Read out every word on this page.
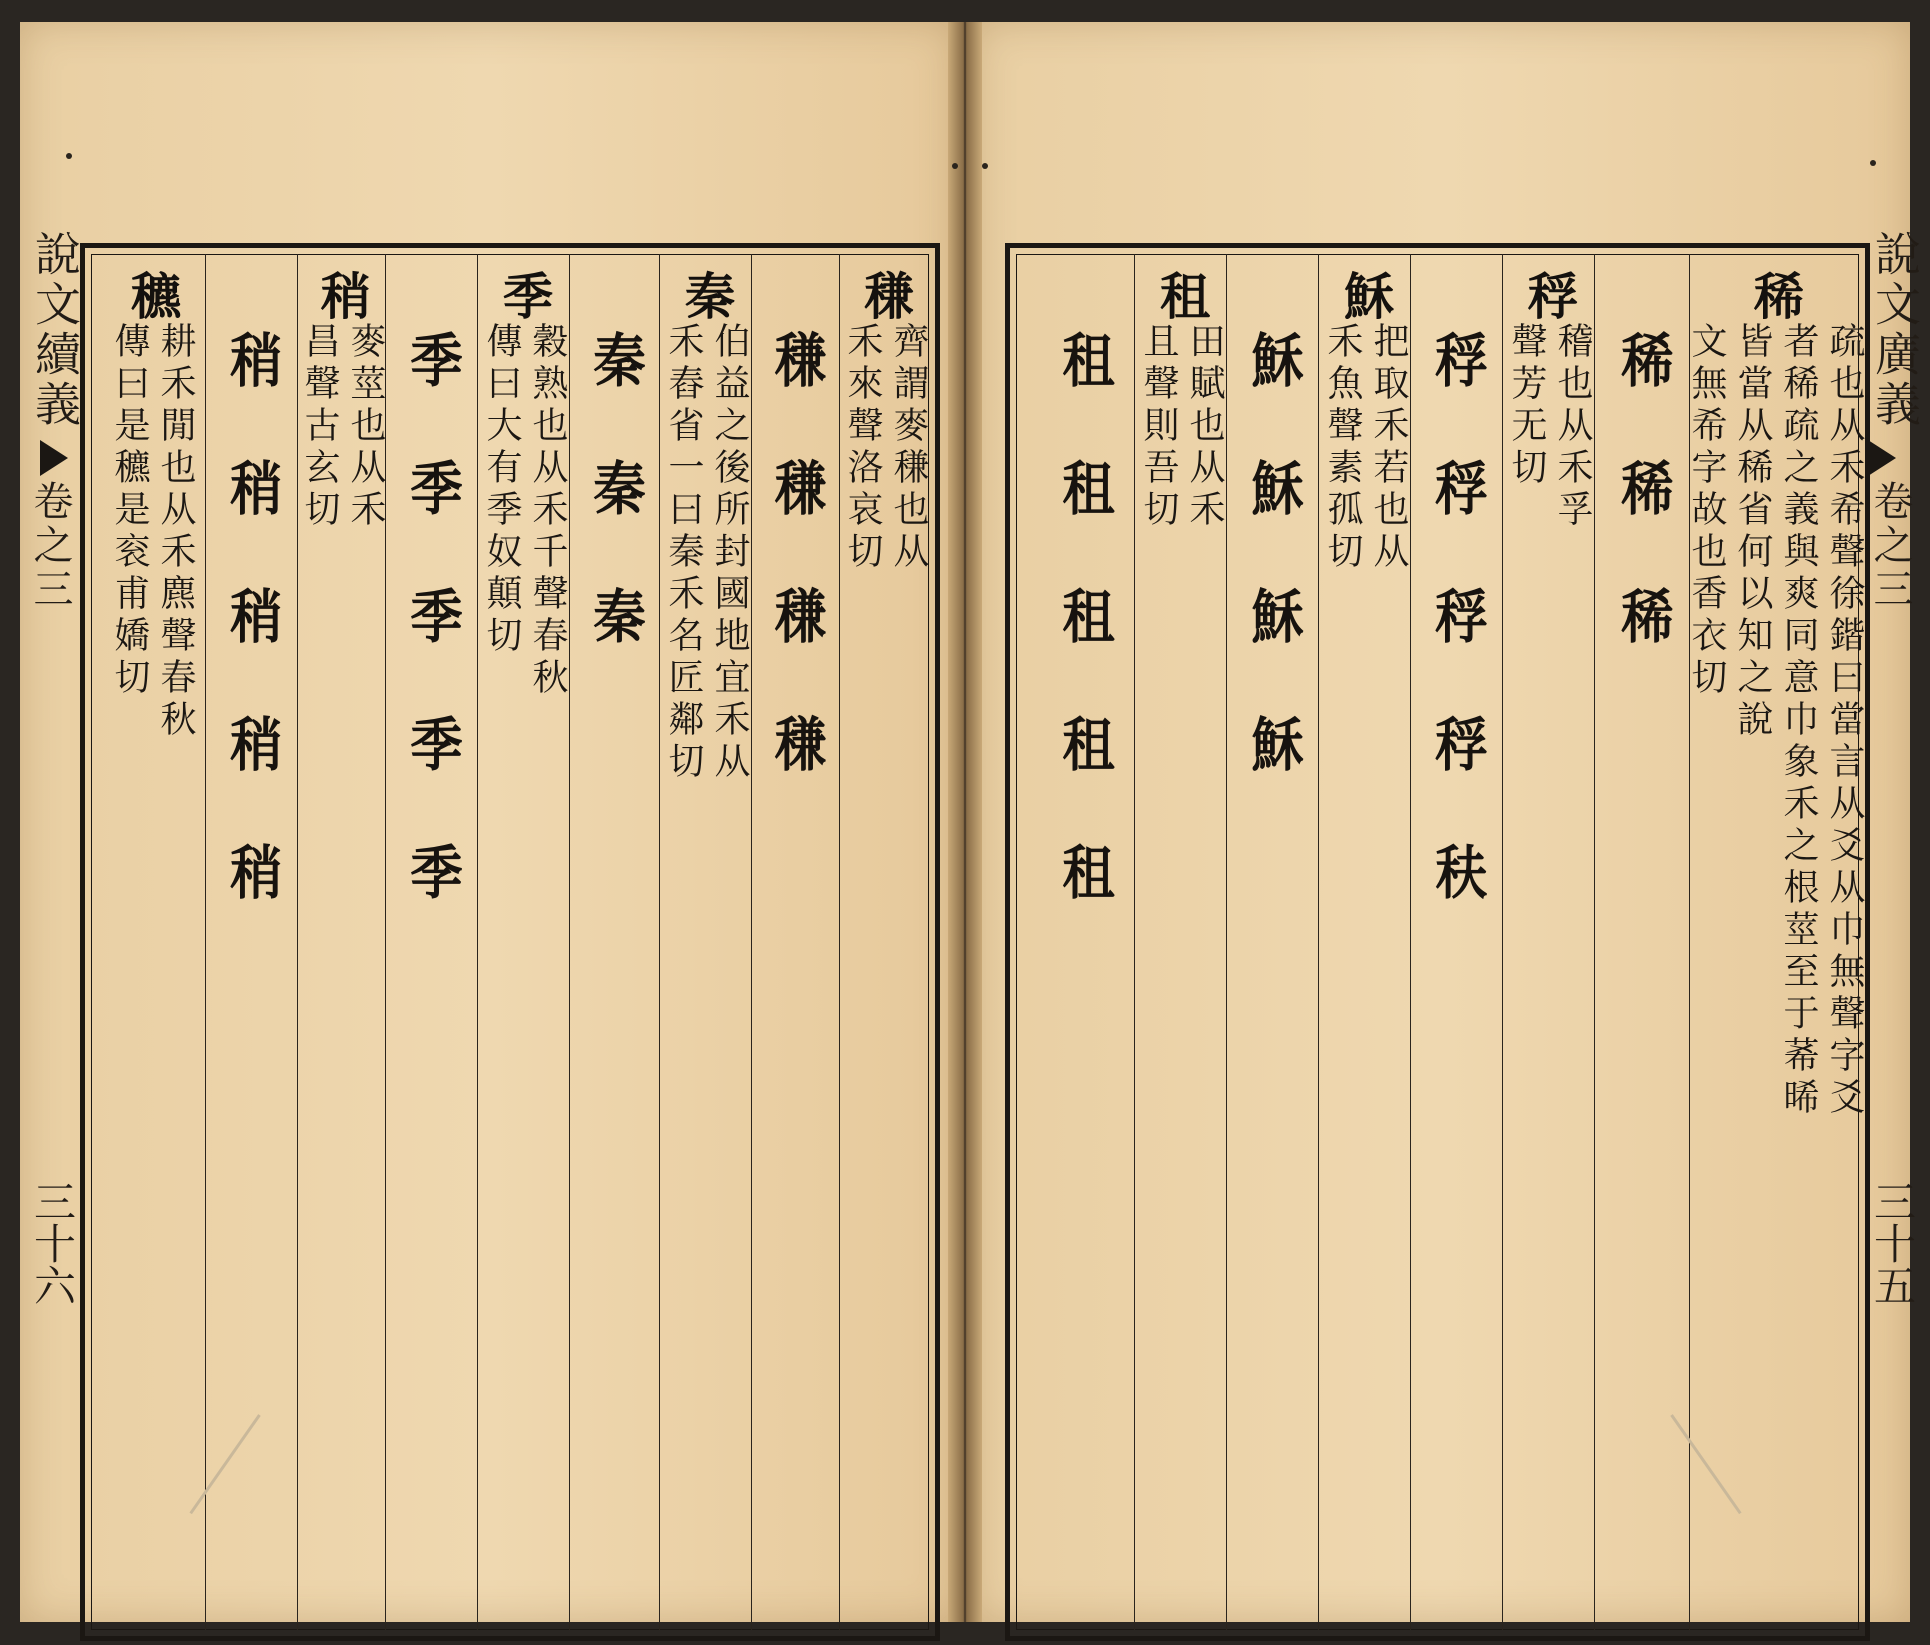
說文續義
卷之三
三十六
說文廣義
卷之三
三十五
稴
齊謂麥稴也从
禾來聲洛哀切
稴稴稴稴
秦
伯益之後所封國地宜禾从
禾舂省一曰秦禾名匠鄰切
秦秦秦
季
穀熟也从禾千聲春秋
傳曰大有季奴顛切
季季季季季
稍
麥莖也从禾
昌聲古玄切
稍稍稍稍稍
穮
耕禾閒也从禾麃聲春秋
傳曰是穮是衮甫嬌切
稀
疏也从禾希聲徐鍇曰當言从爻从巾無聲字爻
者稀疏之義與爽同意巾象禾之根莖至于莃晞
皆當从稀省何以知之說
文無希字故也香衣切
稀稀稀
稃
稽也从禾孚
聲芳无切
稃稃稃稃䄮
穌
把取禾若也从
禾魚聲素孤切
穌穌穌穌
租
田賦也从禾
且聲則吾切
租租租租租
